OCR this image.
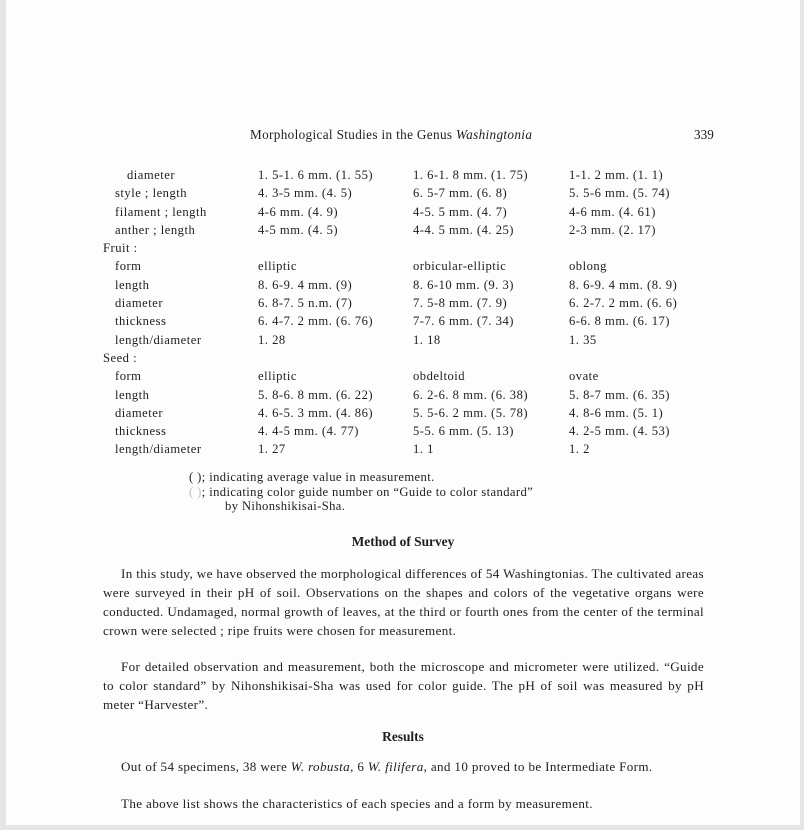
Morphological Studies in the Genus Washingtonia	339
diameter	1. 5-1. 6 mm. (1. 55)	1. 6-1. 8 mm. (1. 75)	1-1. 2 mm. (1. 1)
style ; length	4. 3-5 mm. (4. 5)	6. 5-7 mm. (6. 8)	5. 5-6 mm. (5. 74)
filament ; length	4-6 mm. (4. 9)	4-5. 5 mm. (4. 7)	4-6 mm. (4. 61)
anther ; length	4-5 mm. (4. 5)	4-4. 5 mm. (4. 25)	2-3 mm. (2. 17)
Fruit :
form	elliptic	orbicular-elliptic	oblong
length	8. 6-9. 4 mm. (9)	8. 6-10 mm. (9. 3)	8. 6-9. 4 mm. (8. 9)
diameter	6. 8-7. 5 n.m. (7)	7. 5-8 mm. (7. 9)	6. 2-7. 2 mm. (6. 6)
thickness	6. 4-7. 2 mm. (6. 76)	7-7. 6 mm. (7. 34)	6-6. 8 mm. (6. 17)
length/diameter	1. 28	1. 18	1. 35
Seed :
form	elliptic	obdeltoid	ovate
length	5. 8-6. 8 mm. (6. 22)	6. 2-6. 8 mm. (6. 38)	5. 8-7 mm. (6. 35)
diameter	4. 6-5. 3 mm. (4. 86)	5. 5-6. 2 mm. (5. 78)	4. 8-6 mm. (5. 1)
thickness	4. 4-5 mm. (4. 77)	5-5. 6 mm. (5. 13)	4. 2-5 mm. (4. 53)
length/diameter	1. 27	1. 1	1. 2
( ); indicating average value in measurement.
( ); indicating color guide number on “Guide to color standard”
by Nihonshikisai-Sha.
Method of Survey
In this study, we have observed the morphological differences of 54 Washingtonias. The cultivated areas were surveyed in their pH of soil. Observations on the shapes and colors of the vegetative organs were conducted. Undamaged, normal growth of leaves, at the third or fourth ones from the center of the terminal crown were selected ; ripe fruits were chosen for measurement.
For detailed observation and measurement, both the microscope and micrometer were utilized. “Guide to color standard” by Nihonshikisai-Sha was used for color guide. The pH of soil was measured by pH meter “Harvester”.
Results
Out of 54 specimens, 38 were W. robusta, 6 W. filifera, and 10 proved to be Intermediate Form.
The above list shows the characteristics of each species and a form by measurement.
